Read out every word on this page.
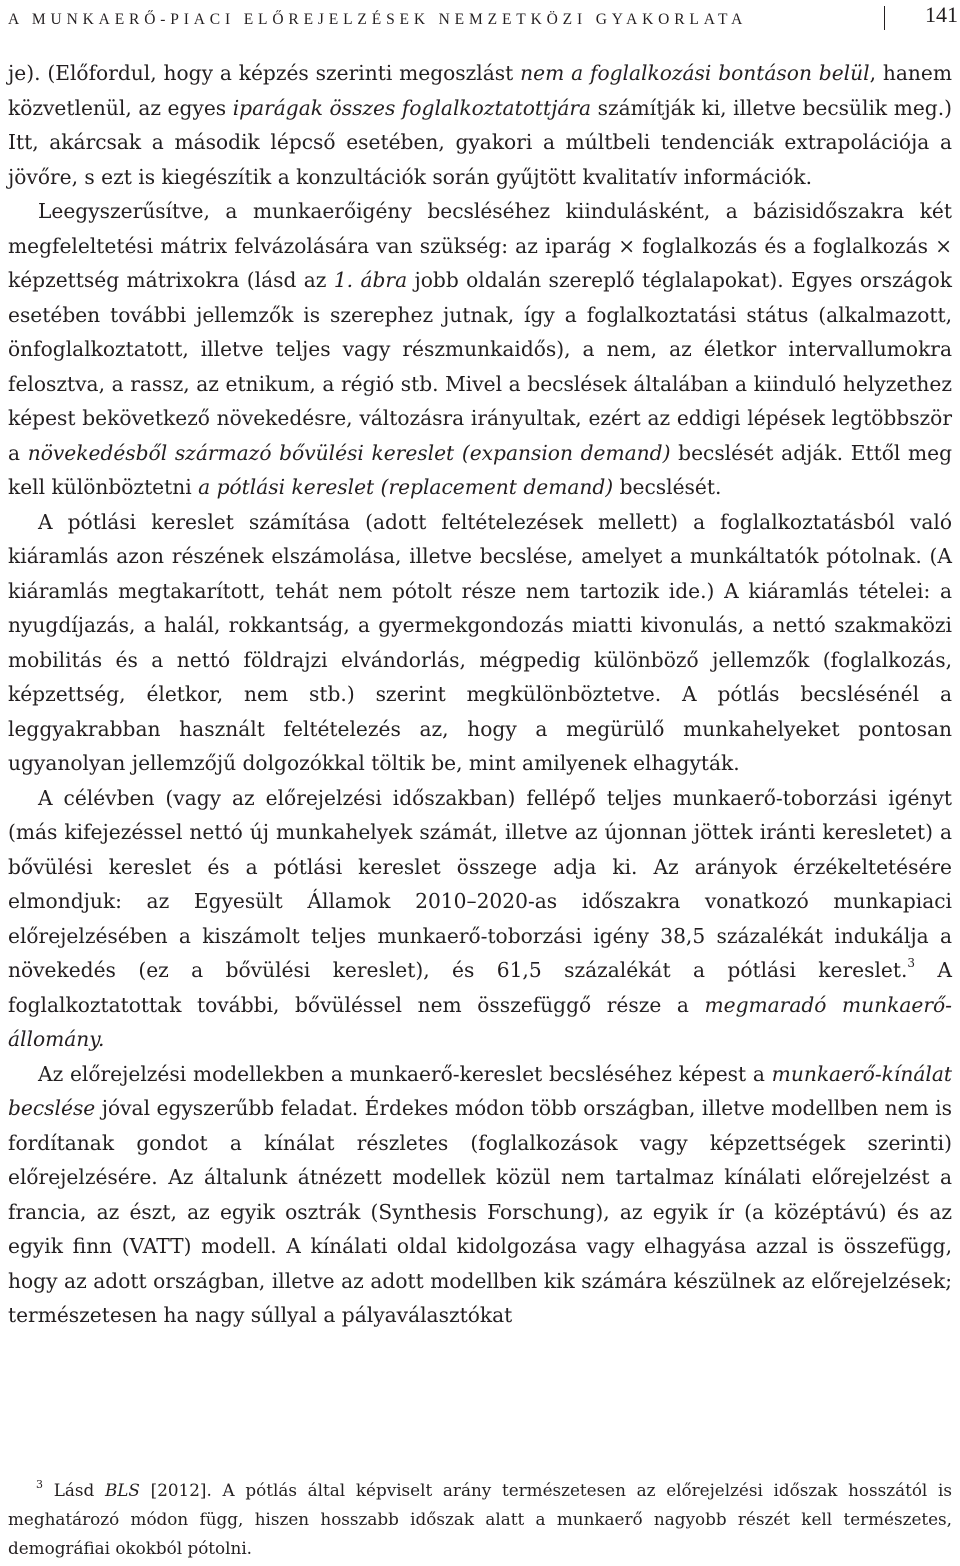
A MUNKAERŐ-PIACI ELŐREJELZÉSEK NEMZETKÖZI GYAKORLATA	141

je). (Előfordul, hogy a képzés szerinti megoszlást nem a foglalkozási bontáson belül, hanem közvetlenül, az egyes iparágak összes foglalkoztatottjára számítják ki, illetve becsülik meg.) Itt, akárcsak a második lépcső esetében, gyakori a múltbeli tendenciák extrapolációja a jövőre, s ezt is kiegészítik a konzultációk során gyűjtött kvalitatív információk.

Leegyszerűsítve, a munkaerőigény becsléséhez kiindulásként, a bázisidőszakra két megfeleltetési mátrix felvázolására van szükség: az iparág × foglalkozás és a foglalkozás × képzettség mátrixokra (lásd az 1. ábra jobb oldalán szereplő téglalapokat). Egyes országok esetében további jellemzők is szerephez jutnak, így a foglalkoztatási státus (alkalmazott, önfoglalkoztatott, illetve teljes vagy részmunkaidős), a nem, az életkor intervallumokra felosztva, a rassz, az etnikum, a régió stb. Mivel a becslések általában a kiinduló helyzethez képest bekövetkező növekedésre, változásra irányultak, ezért az eddigi lépések legtöbbször a növekedésből származó bővülési kereslet (expansion demand) becslését adják. Ettől meg kell különböztetni a pótlási kereslet (replacement demand) becslését.

A pótlási kereslet számítása (adott feltételezések mellett) a foglalkoztatásból való kiáramlás azon részének elszámolása, illetve becslése, amelyet a munkáltatók pótolnak. (A kiáramlás megtakarított, tehát nem pótolt része nem tartozik ide.) A kiáramlás tételei: a nyugdíjazás, a halál, rokkantság, a gyermekgondozás miatti kivonulás, a nettó szakmaközi mobilitás és a nettó földrajzi elvándorlás, mégpedig különböző jellemzők (foglalkozás, képzettség, életkor, nem stb.) szerint megkülönböztetve. A pótlás becslésénél a leggyakrabban használt feltételezés az, hogy a megürülő munkahelyeket pontosan ugyanolyan jellemzőjű dolgozókkal töltik be, mint amilyenek elhagyták.

A célévben (vagy az előrejelzési időszakban) fellépő teljes munkaerő-toborzási igényt (más kifejezéssel nettó új munkahelyek számát, illetve az újonnan jöttek iránti keresletet) a bővülési kereslet és a pótlási kereslet összege adja ki. Az arányok érzékeltetésére elmondjuk: az Egyesült Államok 2010–2020-as időszakra vonatkozó munkapiaci előrejelzésében a kiszámolt teljes munkaerő-toborzási igény 38,5 százalékát indukálja a növekedés (ez a bővülési kereslet), és 61,5 százalékát a pótlási kereslet.$^3$ A foglalkoztatottak további, bővüléssel nem összefüggő része a megmaradó munkaerő-állomány.

Az előrejelzési modellekben a munkaerő-kereslet becsléséhez képest a munkaerő-kínálat becslése jóval egyszerűbb feladat. Érdekes módon több országban, illetve modellben nem is fordítanak gondot a kínálat részletes (foglalkozások vagy képzettségek szerinti) előrejelzésére. Az általunk átnézett modellek közül nem tartalmaz kínálati előrejelzést a francia, az észt, az egyik osztrák (Synthesis Forschung), az egyik ír (a középtávú) és az egyik finn (VATT) modell. A kínálati oldal kidolgozása vagy elhagyása azzal is összefügg, hogy az adott országban, illetve az adott modellben kik számára készülnek az előrejelzések; természetesen ha nagy súllyal a pályaválasztókat

$^3$ Lásd BLS [2012]. A pótlás által képviselt arány természetesen az előrejelzési időszak hosszától is meghatározó módon függ, hiszen hosszabb időszak alatt a munkaerő nagyobb részét kell természetes, demográfiai okokból pótolni.
